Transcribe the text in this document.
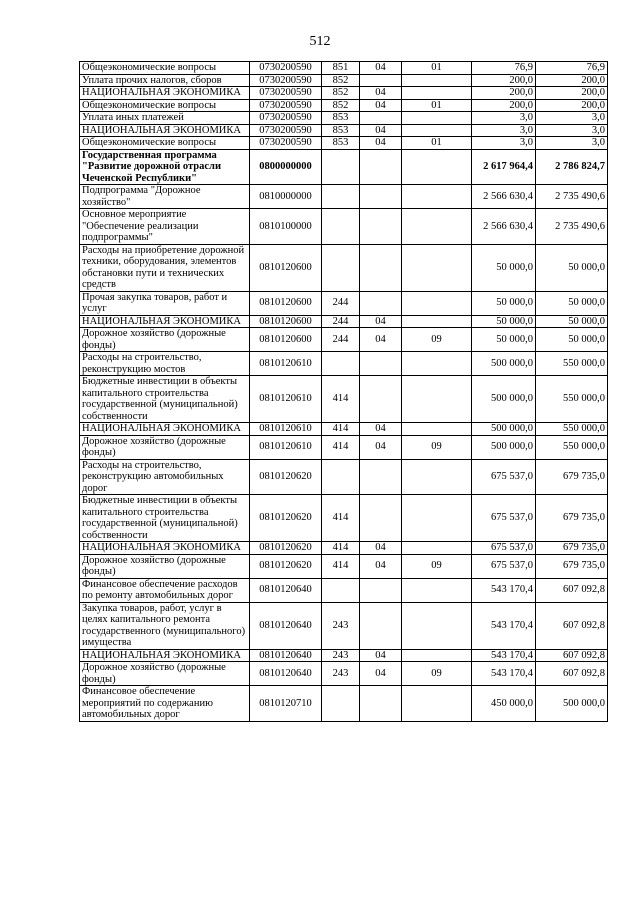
512
Общеэкономические вопросы	0730200590	851	04	01	76,9	76,9
Уплата прочих налогов, сборов	0730200590	852			200,0	200,0
НАЦИОНАЛЬНАЯ ЭКОНОМИКА	0730200590	852	04		200,0	200,0
Общеэкономические вопросы	0730200590	852	04	01	200,0	200,0
Уплата иных платежей	0730200590	853			3,0	3,0
НАЦИОНАЛЬНАЯ ЭКОНОМИКА	0730200590	853	04		3,0	3,0
Общеэкономические вопросы	0730200590	853	04	01	3,0	3,0
Государственная программа "Развитие дорожной отрасли Чеченской Республики"	0800000000				2 617 964,4	2 786 824,7
Подпрограмма "Дорожное хозяйство"	0810000000				2 566 630,4	2 735 490,6
Основное мероприятие "Обеспечение реализации подпрограммы"	0810100000				2 566 630,4	2 735 490,6
Расходы на приобретение дорожной техники, оборудования, элементов обстановки пути и технических средств	0810120600				50 000,0	50 000,0
Прочая закупка товаров, работ и услуг	0810120600	244			50 000,0	50 000,0
НАЦИОНАЛЬНАЯ ЭКОНОМИКА	0810120600	244	04		50 000,0	50 000,0
Дорожное хозяйство (дорожные фонды)	0810120600	244	04	09	50 000,0	50 000,0
Расходы на строительство, реконструкцию мостов	0810120610				500 000,0	550 000,0
Бюджетные инвестиции в объекты капитального строительства государственной (муниципальной) собственности	0810120610	414			500 000,0	550 000,0
НАЦИОНАЛЬНАЯ ЭКОНОМИКА	0810120610	414	04		500 000,0	550 000,0
Дорожное хозяйство (дорожные фонды)	0810120610	414	04	09	500 000,0	550 000,0
Расходы на строительство, реконструкцию автомобильных дорог	0810120620				675 537,0	679 735,0
Бюджетные инвестиции в объекты капитального строительства государственной (муниципальной) собственности	0810120620	414			675 537,0	679 735,0
НАЦИОНАЛЬНАЯ ЭКОНОМИКА	0810120620	414	04		675 537,0	679 735,0
Дорожное хозяйство (дорожные фонды)	0810120620	414	04	09	675 537,0	679 735,0
Финансовое обеспечение расходов по ремонту автомобильных дорог	0810120640				543 170,4	607 092,8
Закупка товаров, работ, услуг в целях капитального ремонта государственного (муниципального) имущества	0810120640	243			543 170,4	607 092,8
НАЦИОНАЛЬНАЯ ЭКОНОМИКА	0810120640	243	04		543 170,4	607 092,8
Дорожное хозяйство (дорожные фонды)	0810120640	243	04	09	543 170,4	607 092,8
Финансовое обеспечение мероприятий по содержанию автомобильных дорог	0810120710				450 000,0	500 000,0
